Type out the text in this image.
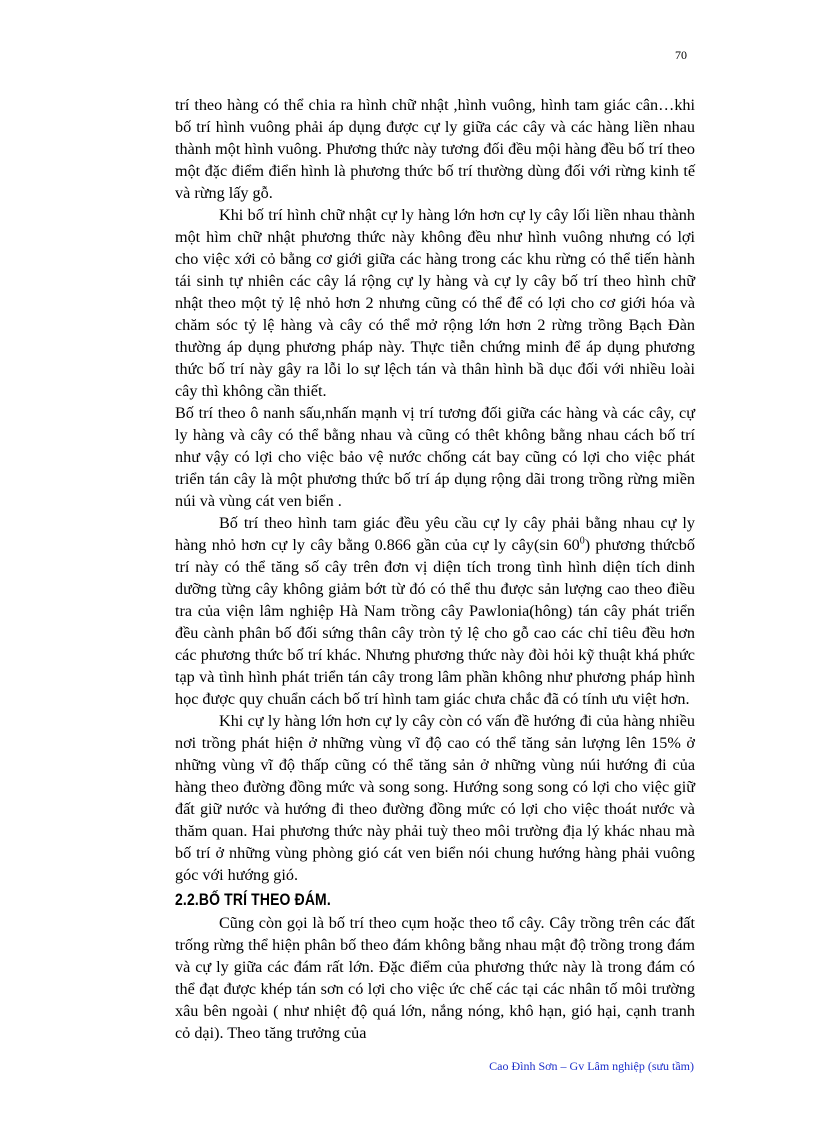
70

trí theo hàng có thể chia ra hình chữ nhật ,hình vuông, hình tam giác cân…khi bố trí hình vuông phải áp dụng được cự ly giữa các cây và các hàng liền nhau thành một hình vuông. Phương thức này tương đối đều mội hàng đều bố trí theo một đặc điểm điển hình là phương thức bố trí thường dùng đối với rừng kinh tế và rừng lấy gỗ.

Khi bố trí hình chữ nhật cự ly hàng lớn hơn cự ly cây lối liền nhau thành một hìm chữ nhật phương thức này không đều như hình vuông nhưng có lợi cho việc xới cỏ bằng cơ giới giữa các hàng trong các khu rừng có thể tiến hành tái sinh tự nhiên các cây lá rộng cự ly hàng và cự ly cây bố trí theo hình chữ nhật theo một tỷ lệ nhỏ hơn 2 nhưng cũng có thể để có lợi cho cơ giới hóa và chăm sóc tỷ lệ hàng và cây có thể mở rộng lớn hơn 2 rừng trồng Bạch Đàn thường áp dụng phương pháp này. Thực tiễn chứng minh để áp dụng phương thức bố trí này gây ra lỗi lo sự lệch tán và thân hình bầ dục đối với nhiều loài cây thì không cần thiết.

Bố trí theo ô nanh sấu,nhấn mạnh vị trí tương đối giữa các hàng và các cây, cự ly hàng và cây có thể bằng nhau và cũng có thêt không bằng nhau cách bố trí như vậy có lợi cho việc bảo vệ nước chống cát bay cũng có lợi cho việc phát triển tán cây là một phương thức bố trí áp dụng rộng dãi trong trồng rừng miền núi và vùng cát ven biển .

Bố trí theo hình tam giác đều yêu cầu cự ly cây phải bằng nhau cự ly hàng nhỏ hơn cự ly cây bằng 0.866 gần của cự ly cây(sin $60^0$) phương thứcbố trí này có thể tăng số cây trên đơn vị diện tích trong tình hình diện tích dinh dưỡng từng cây không giảm bớt từ đó có thể thu được sản lượng cao theo điều tra của viện lâm nghiệp Hà Nam trồng cây Pawlonia(hông) tán cây phát triển đều cành phân bố đối sứng thân cây tròn tỷ lệ cho gỗ cao các chỉ tiêu đều hơn các phương thức bố trí khác. Nhưng phương thức này đòi hỏi kỹ thuật khá phức tạp và tình hình phát triển tán cây trong lâm phần không như phương pháp hình học được quy chuẩn cách bố trí hình tam giác chưa chắc đã có tính ưu việt hơn.

Khi cự ly hàng lớn hơn cự ly cây còn có vấn đề hướng đi của hàng nhiều nơi trồng phát hiện ở những vùng vĩ độ cao có thể tăng sản lượng lên 15% ở những vùng vĩ độ thấp cũng có thể tăng sản ở những vùng núi hướng đi của hàng theo đường đồng mức và song song. Hướng song song có lợi cho việc giữ đất giữ nước và hướng đi theo đường đồng mức có lợi cho việc thoát nước và thăm quan. Hai phương thức này phải tuỳ theo môi trường địa lý khác nhau mà bố trí ở những vùng phòng gió cát ven biển nói chung hướng hàng phải vuông góc với hướng gió.

2.2.BỐ TRÍ THEO ĐÁM.

Cũng còn gọi là bố trí theo cụm hoặc theo tổ cây. Cây trồng trên các đất trống rừng thể hiện phân bố theo đám không bằng nhau mật độ trồng trong đám và cự ly giữa các đám rất lớn. Đặc điểm của phương thức này là trong đám có thể đạt được khép tán sơn có lợi cho việc ức chế các tại các nhân tố môi trường xâu bên ngoài ( như nhiệt độ quá lớn, nắng nóng, khô hạn, gió hại, cạnh tranh cỏ dại). Theo tăng trưởng của

Cao Đình Sơn – Gv Lâm nghiệp (sưu tầm)
